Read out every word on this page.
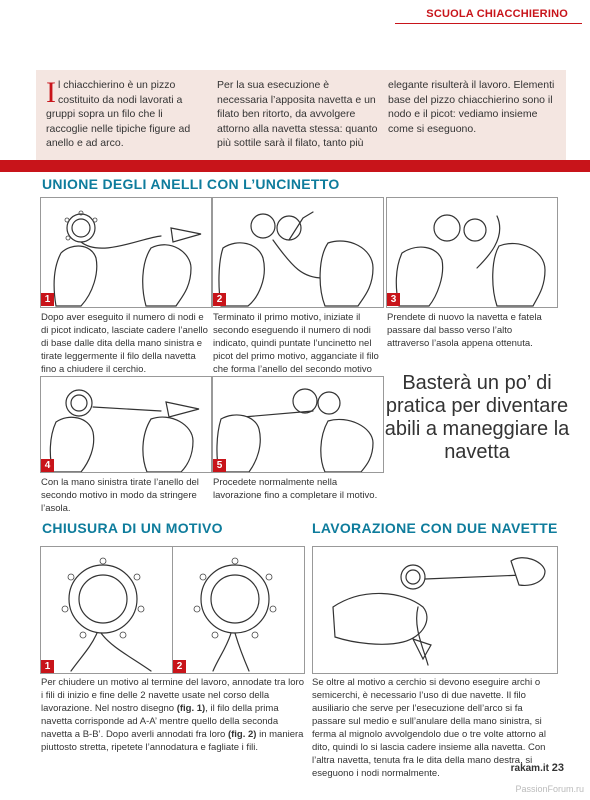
SCUOLA CHIACCHIERINO
Il chiacchierino è un pizzo costituito da nodi lavorati a gruppi sopra un filo che li raccoglie nelle tipiche figure ad anello e ad arco.
Per la sua esecuzione è necessaria l’apposita navetta e un filato ben ritorto, da avvolgere attorno alla navetta stessa: quanto più sottile sarà il filato, tanto più
elegante risulterà il lavoro. Elementi base del pizzo chiacchierino sono il nodo e il picot: vediamo insieme come si eseguono.
UNIONE DEGLI ANELLI CON L’UNCINETTO
1
Dopo aver eseguito il numero di nodi e di picot indicato, lasciate cadere l’anello di base dalle dita della mano sinistra e tirate leggermente il filo della navetta fino a chiudere il cerchio.
2
Terminato il primo motivo, iniziate il secondo eseguendo il numero di nodi indicato, quindi puntate l’uncinetto nel picot del primo motivo, agganciate il filo che forma l’anello del secondo motivo
3
Prendete di nuovo la navetta e fatela passare dal basso verso l’alto attraverso l’asola appena ottenuta.
4
Con la mano sinistra tirate l’anello del secondo motivo in modo da stringere l’asola.
5
Procedete normalmente nella lavorazione fino a completare il motivo.
Basterà un po’ di pratica per diventare abili a maneggiare la navetta
CHIUSURA DI UN MOTIVO
1	2
Per chiudere un motivo al termine del lavoro, annodate tra loro i fili di inizio e fine delle 2 navette usate nel corso della lavorazione. Nel nostro disegno (fig. 1), il filo della prima navetta corrisponde ad A-A’ mentre quello della seconda navetta a B-B’. Dopo averli annodati fra loro (fig. 2) in maniera piuttosto stretta, ripetete l’annodatura e fagliate i fili.
LAVORAZIONE CON DUE NAVETTE
Se oltre al motivo a cerchio si devono eseguire archi o semicerchi, è necessario l’uso di due navette. Il filo ausiliario che serve per l’esecuzione dell’arco si fa passare sul medio e sull’anulare della mano sinistra, si ferma al mignolo avvolgendolo due o tre volte attorno al dito, quindi lo si lascia cadere insieme alla navetta. Con l’altra navetta, tenuta fra le dita della mano destra, si eseguono i nodi normalmente.	rakam.it 23
PassionForum.ru
